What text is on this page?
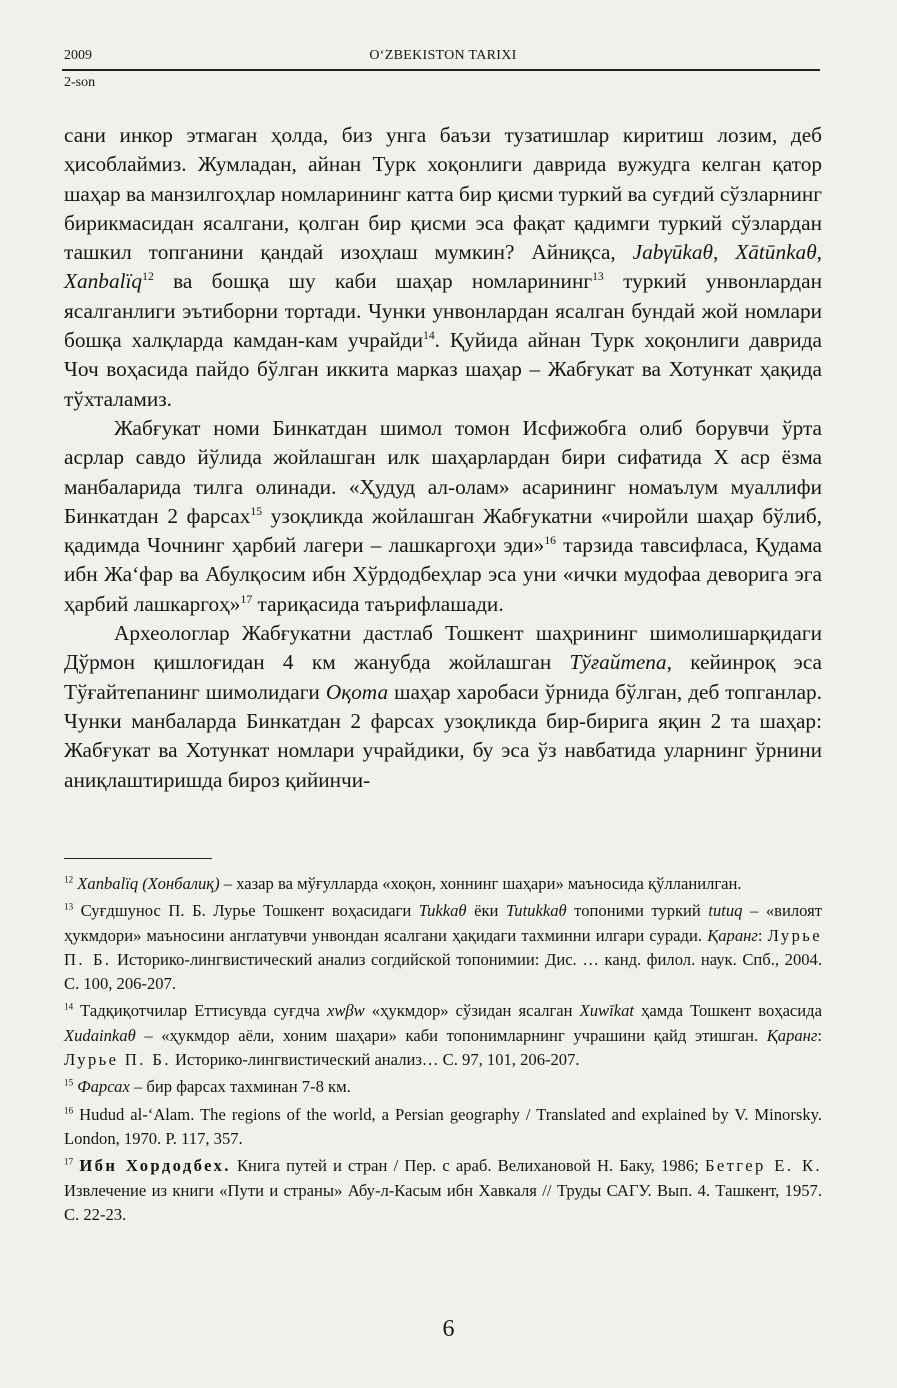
2009	O‘ZBEKISTON TARIXI
2-son

сани инкор этмаган ҳолда, биз унга баъзи тузатишлар киритиш лозим, деб ҳисоблаймиз. Жумладан, айнан Турк хоқонлиги даврида вужудга келган қатор шаҳар ва манзилгоҳлар номларининг катта бир қисми туркий ва суғдий сўзларнинг бирикмасидан ясалгани, қолган бир қисми эса фақат қадимги туркий сўзлардан ташкил топганини қандай изоҳлаш мумкин? Айниқса, Jabγūkaθ, Xātūnkaθ, Xanbalïq$^{12}$ ва бошқа шу каби шаҳар номларининг$^{13}$ туркий унвонлардан ясалганлиги эътиборни тортади. Чунки унвонлардан ясалган бундай жой номлари бошқа халқларда камдан-кам учрайди$^{14}$. Қуйида айнан Турк хоқонлиги даврида Чоч воҳасида пайдо бўлган иккита марказ шаҳар – Жабғукат ва Хотункат ҳақида тўхталамиз.

Жабғукат номи Бинкатдан шимол томон Исфижобга олиб борувчи ўрта асрлар савдо йўлида жойлашган илк шаҳарлардан бири сифатида Х аср ёзма манбаларида тилга олинади. «Ҳудуд ал-олам» асарининг номаълум муаллифи Бинкатдан 2 фарсах$^{15}$ узоқликда жойлашган Жабғукатни «чиройли шаҳар бўлиб, қадимда Чочнинг ҳарбий лагери – лашкаргоҳи эди»$^{16}$ тарзида тавсифласа, Қудама ибн Жа‘фар ва Абулқосим ибн Хўрдодбеҳлар эса уни «ички мудофаа деворига эга ҳарбий лашкаргоҳ»$^{17}$ тариқасида таърифлашади.

Археологлар Жабғукатни дастлаб Тошкент шаҳрининг шимолишарқидаги Дўрмон қишлоғидан 4 км жанубда жойлашган Тўғайтепа, кейинроқ эса Тўғайтепанинг шимолидаги Оқота шаҳар харобаси ўрнида бўлган, деб топганлар. Чунки манбаларда Бинкатдан 2 фарсах узоқликда бир-бирига яқин 2 та шаҳар: Жабғукат ва Хотункат номлари учрайдики, бу эса ўз навбатида уларнинг ўрнини аниқлаштиришда бироз қийинчи-

$^{12}$ Xanbalïq (Хонбалиқ) – хазар ва мўғулларда «хоқон, хоннинг шаҳари» маъносида қўлланилган.

$^{13}$ Суғдшунос П. Б. Лурье Тошкент воҳасидаги Tukkaθ ёки Tutukkaθ топоними туркий tutuq – «вилоят ҳукмдори» маъносини англатувчи унвондан ясалгани ҳақидаги тахминни илгари суради. Қаранг: Лурье П. Б. Историко-лингвистический анализ согдийской топонимии: Дис. … канд. филол. наук. Спб., 2004. С. 100, 206-207.

$^{14}$ Тадқиқотчилар Еттисувда суғдча xwβw «ҳукмдор» сўзидан ясалган Xuwīkat ҳамда Тошкент воҳасида Xиdaiпkaθ – «ҳукмдор аёли, хоним шаҳари» каби топонимларнинг учрашини қайд этишган. Қаранг: Лурье П. Б. Историко-лингвистический анализ… С. 97, 101, 206-207.

$^{15}$ Фарсах – бир фарсах тахминан 7-8 км.

$^{16}$ Hudud al-‘Alam. The regions of the world, a Persian geography / Translated and explained by V. Minorsky. London, 1970. P. 117, 357.

$^{17}$ Ибн Хордодбех. Книга путей и стран / Пер. с араб. Велихановой Н. Баку, 1986; Бетгер Е. К. Извлечение из книги «Пути и страны» Абу-л-Касым ибн Хавкаля // Труды САГУ. Вып. 4. Ташкент, 1957. С. 22-23.

6
